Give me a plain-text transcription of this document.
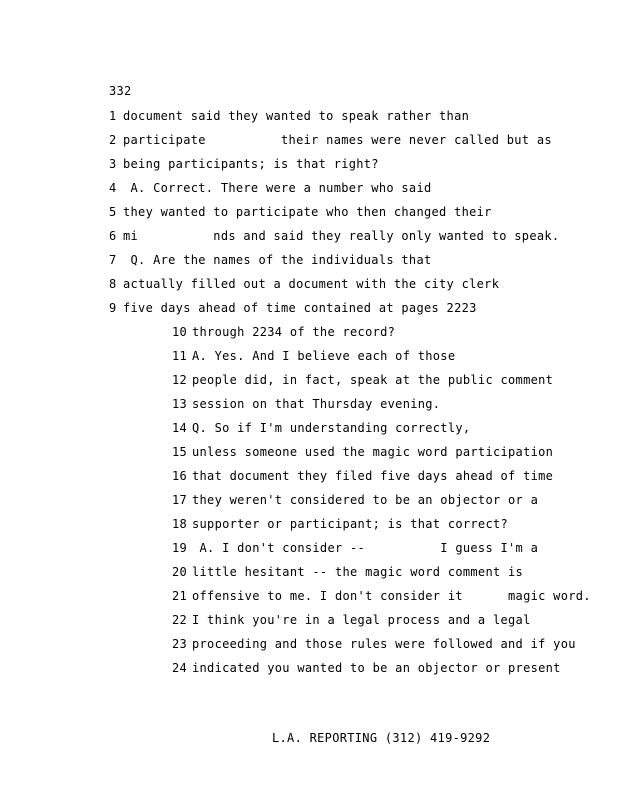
332
1 document said they wanted to speak rather than
2 participate          their names were never called but as
3 being participants; is that right?
4 A. Correct. There were a number who said
5 they wanted to participate who then changed their
6 mi          nds and said they really only wanted to speak.
7 Q. Are the names of the individuals that
8 actually filled out a document with the city clerk
9 five days ahead of time contained at pages 2223
10 through 2234 of the record?
11 A. Yes. And I believe each of those
12 people did, in fact, speak at the public comment
13 session on that Thursday evening.
14 Q. So if I'm understanding correctly,
15 unless someone used the magic word participation
16 that document they filed five days ahead of time
17 they weren't considered to be an objector or a
18 supporter or participant; is that correct?
19 A. I don't consider --          I guess I'm a
20 little hesitant -- the magic word comment is
21 offensive to me. I don't consider it      magic word.
22 I think you're in a legal process and a legal
23 proceeding and those rules were followed and if you
24 indicated you wanted to be an objector or present
L.A. REPORTING (312) 419-9292
